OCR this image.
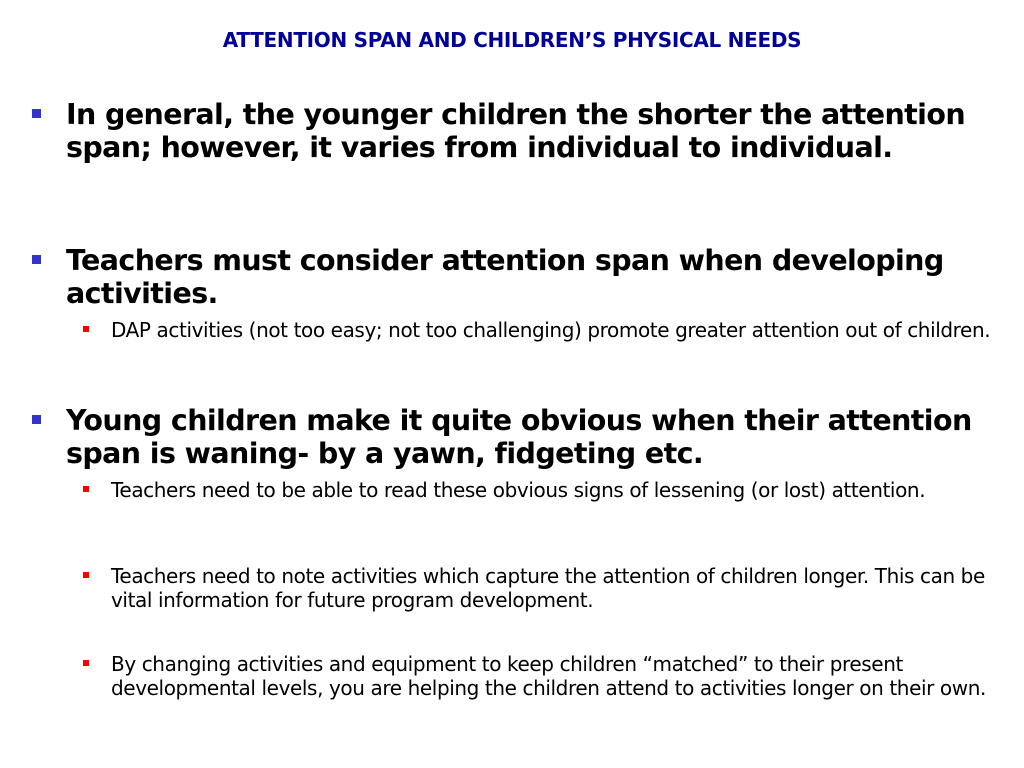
ATTENTION SPAN AND CHILDREN’S PHYSICAL NEEDS
In general, the younger children the shorter the attention span; however, it varies from individual to individual.
Teachers must consider attention span when developing activities.
DAP activities (not too easy; not too challenging) promote greater attention out of children.
Young children make it quite obvious when their attention span is waning- by a yawn, fidgeting etc.
Teachers need to be able to read these obvious signs of lessening (or lost) attention.
Teachers need to note activities which capture the attention of children longer. This can be vital information for future program development.
By changing activities and equipment to keep children “matched” to their present developmental levels, you are helping the children attend to activities longer on their own.
